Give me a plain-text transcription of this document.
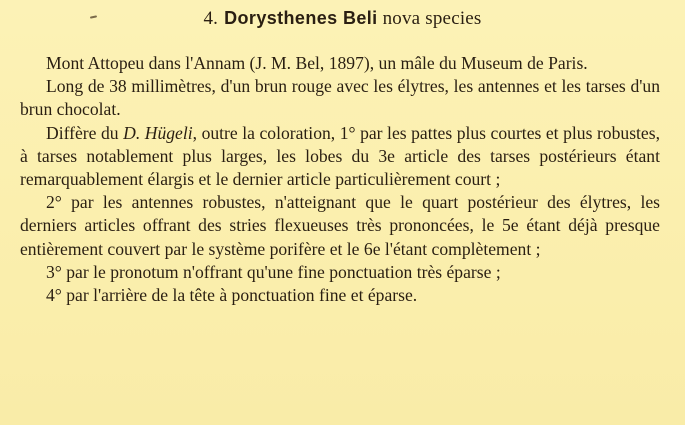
4. Dorysthenes Beli nova species

Mont Attopeu dans l'Annam (J. M. Bel, 1897), un mâle du Museum de Paris.

Long de 38 millimètres, d'un brun rouge avec les élytres, les antennes et les tarses d'un brun chocolat.

Diffère du D. Hügeli, outre la coloration, 1° par les pattes plus courtes et plus robustes, à tarses notablement plus larges, les lobes du 3e article des tarses postérieurs étant remarquablement élargis et le dernier article particulièrement court ;

2° par les antennes robustes, n'atteignant que le quart postérieur des élytres, les derniers articles offrant des stries flexueuses très prononcées, le 5e étant déjà presque entièrement couvert par le système porifère et le 6e l'étant complètement ;

3° par le pronotum n'offrant qu'une fine ponctuation très éparse ;

4° par l'arrière de la tête à ponctuation fine et éparse.
